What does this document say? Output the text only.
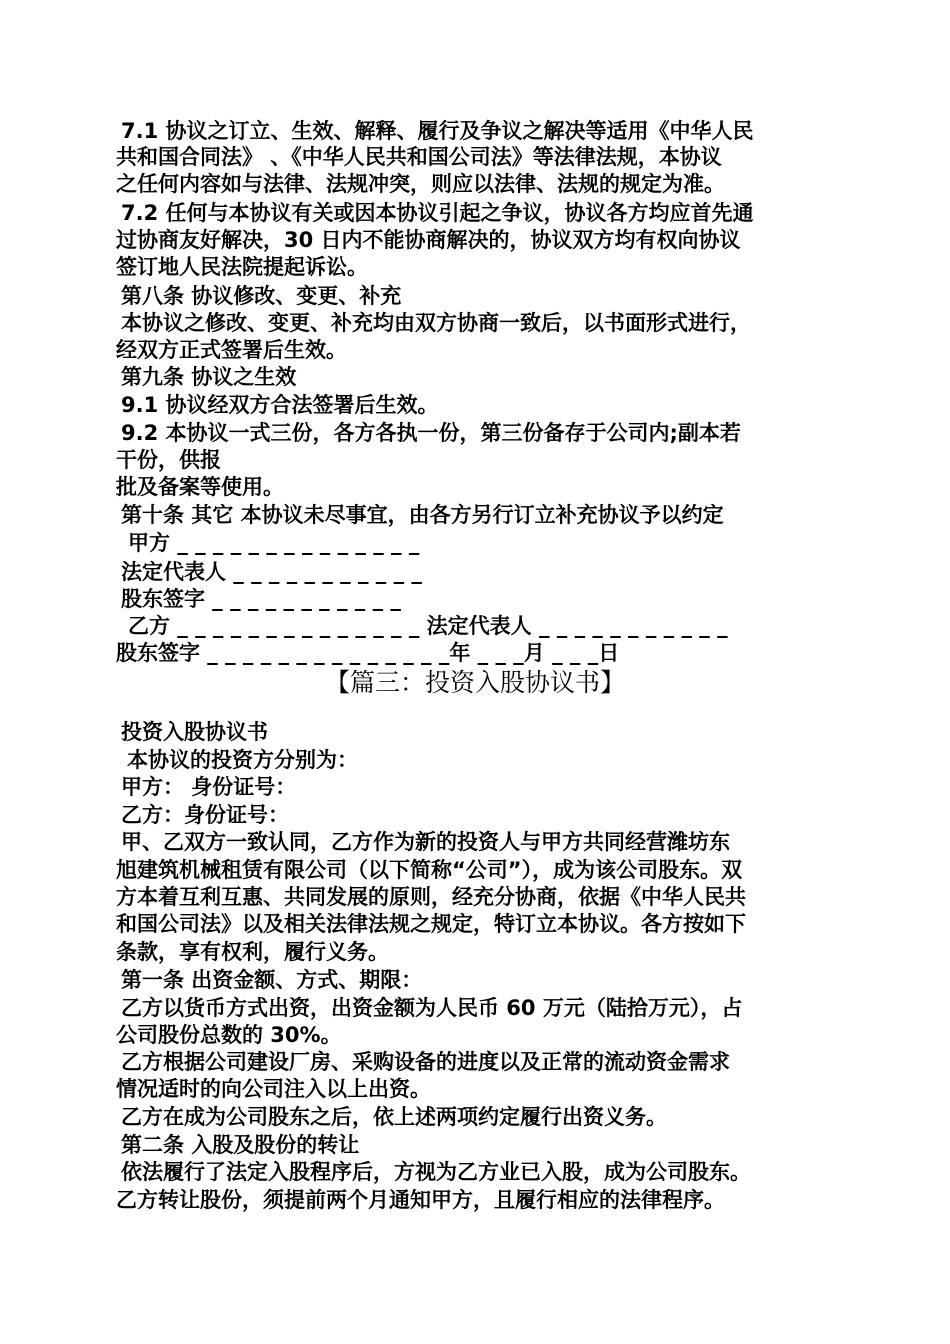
7.1 协议之订立、生效、解释、履行及争议之解决等适用《中华人民
共和国合同法》 、《中华人民共和国公司法》等法律法规，本协议
之任何内容如与法律、法规冲突，则应以法律、法规的规定为准。
7.2 任何与本协议有关或因本协议引起之争议，协议各方均应首先通
过协商友好解决，30 日内不能协商解决的，协议双方均有权向协议
签订地人民法院提起诉讼。
第八条 协议修改、变更、补充
本协议之修改、变更、补充均由双方协商一致后，以书面形式进行，
经双方正式签署后生效。
第九条 协议之生效
9.1 协议经双方合法签署后生效。
9.2 本协议一式三份，各方各执一份，第三份备存于公司内;副本若
干份，供报
批及备案等使用。
第十条 其它 本协议未尽事宜，由各方另行订立补充协议予以约定
甲方 _ _ _ _ _ _ _ _ _ _ _ _ _ _
法定代表人 _ _ _ _ _ _ _ _ _ _ _
股东签字 _ _ _ _ _ _ _ _ _ _ _
乙方 _ _ _ _ _ _ _ _ _ _ _ _ _ _ 法定代表人 _ _ _ _ _ _ _ _ _ _ _
股东签字 _ _ _ _ _ _ _ _ _ _ _ _ _ _年 _ _ _月 _ _ _日
【篇三：投资入股协议书】
投资入股协议书
本协议的投资方分别为：
甲方： 身份证号：
乙方：身份证号：
甲、乙双方一致认同，乙方作为新的投资人与甲方共同经营潍坊东
旭建筑机械租赁有限公司（以下简称“公司”），成为该公司股东。双
方本着互利互惠、共同发展的原则，经充分协商，依据《中华人民共
和国公司法》以及相关法律法规之规定，特订立本协议。各方按如下
条款，享有权利，履行义务。
第一条 出资金额、方式、期限：
乙方以货币方式出资，出资金额为人民币 60 万元（陆拾万元），占
公司股份总数的 30%。
乙方根据公司建设厂房、采购设备的进度以及正常的流动资金需求
情况适时的向公司注入以上出资。
乙方在成为公司股东之后，依上述两项约定履行出资义务。
第二条 入股及股份的转让
依法履行了法定入股程序后，方视为乙方业已入股，成为公司股东。
乙方转让股份，须提前两个月通知甲方，且履行相应的法律程序。
